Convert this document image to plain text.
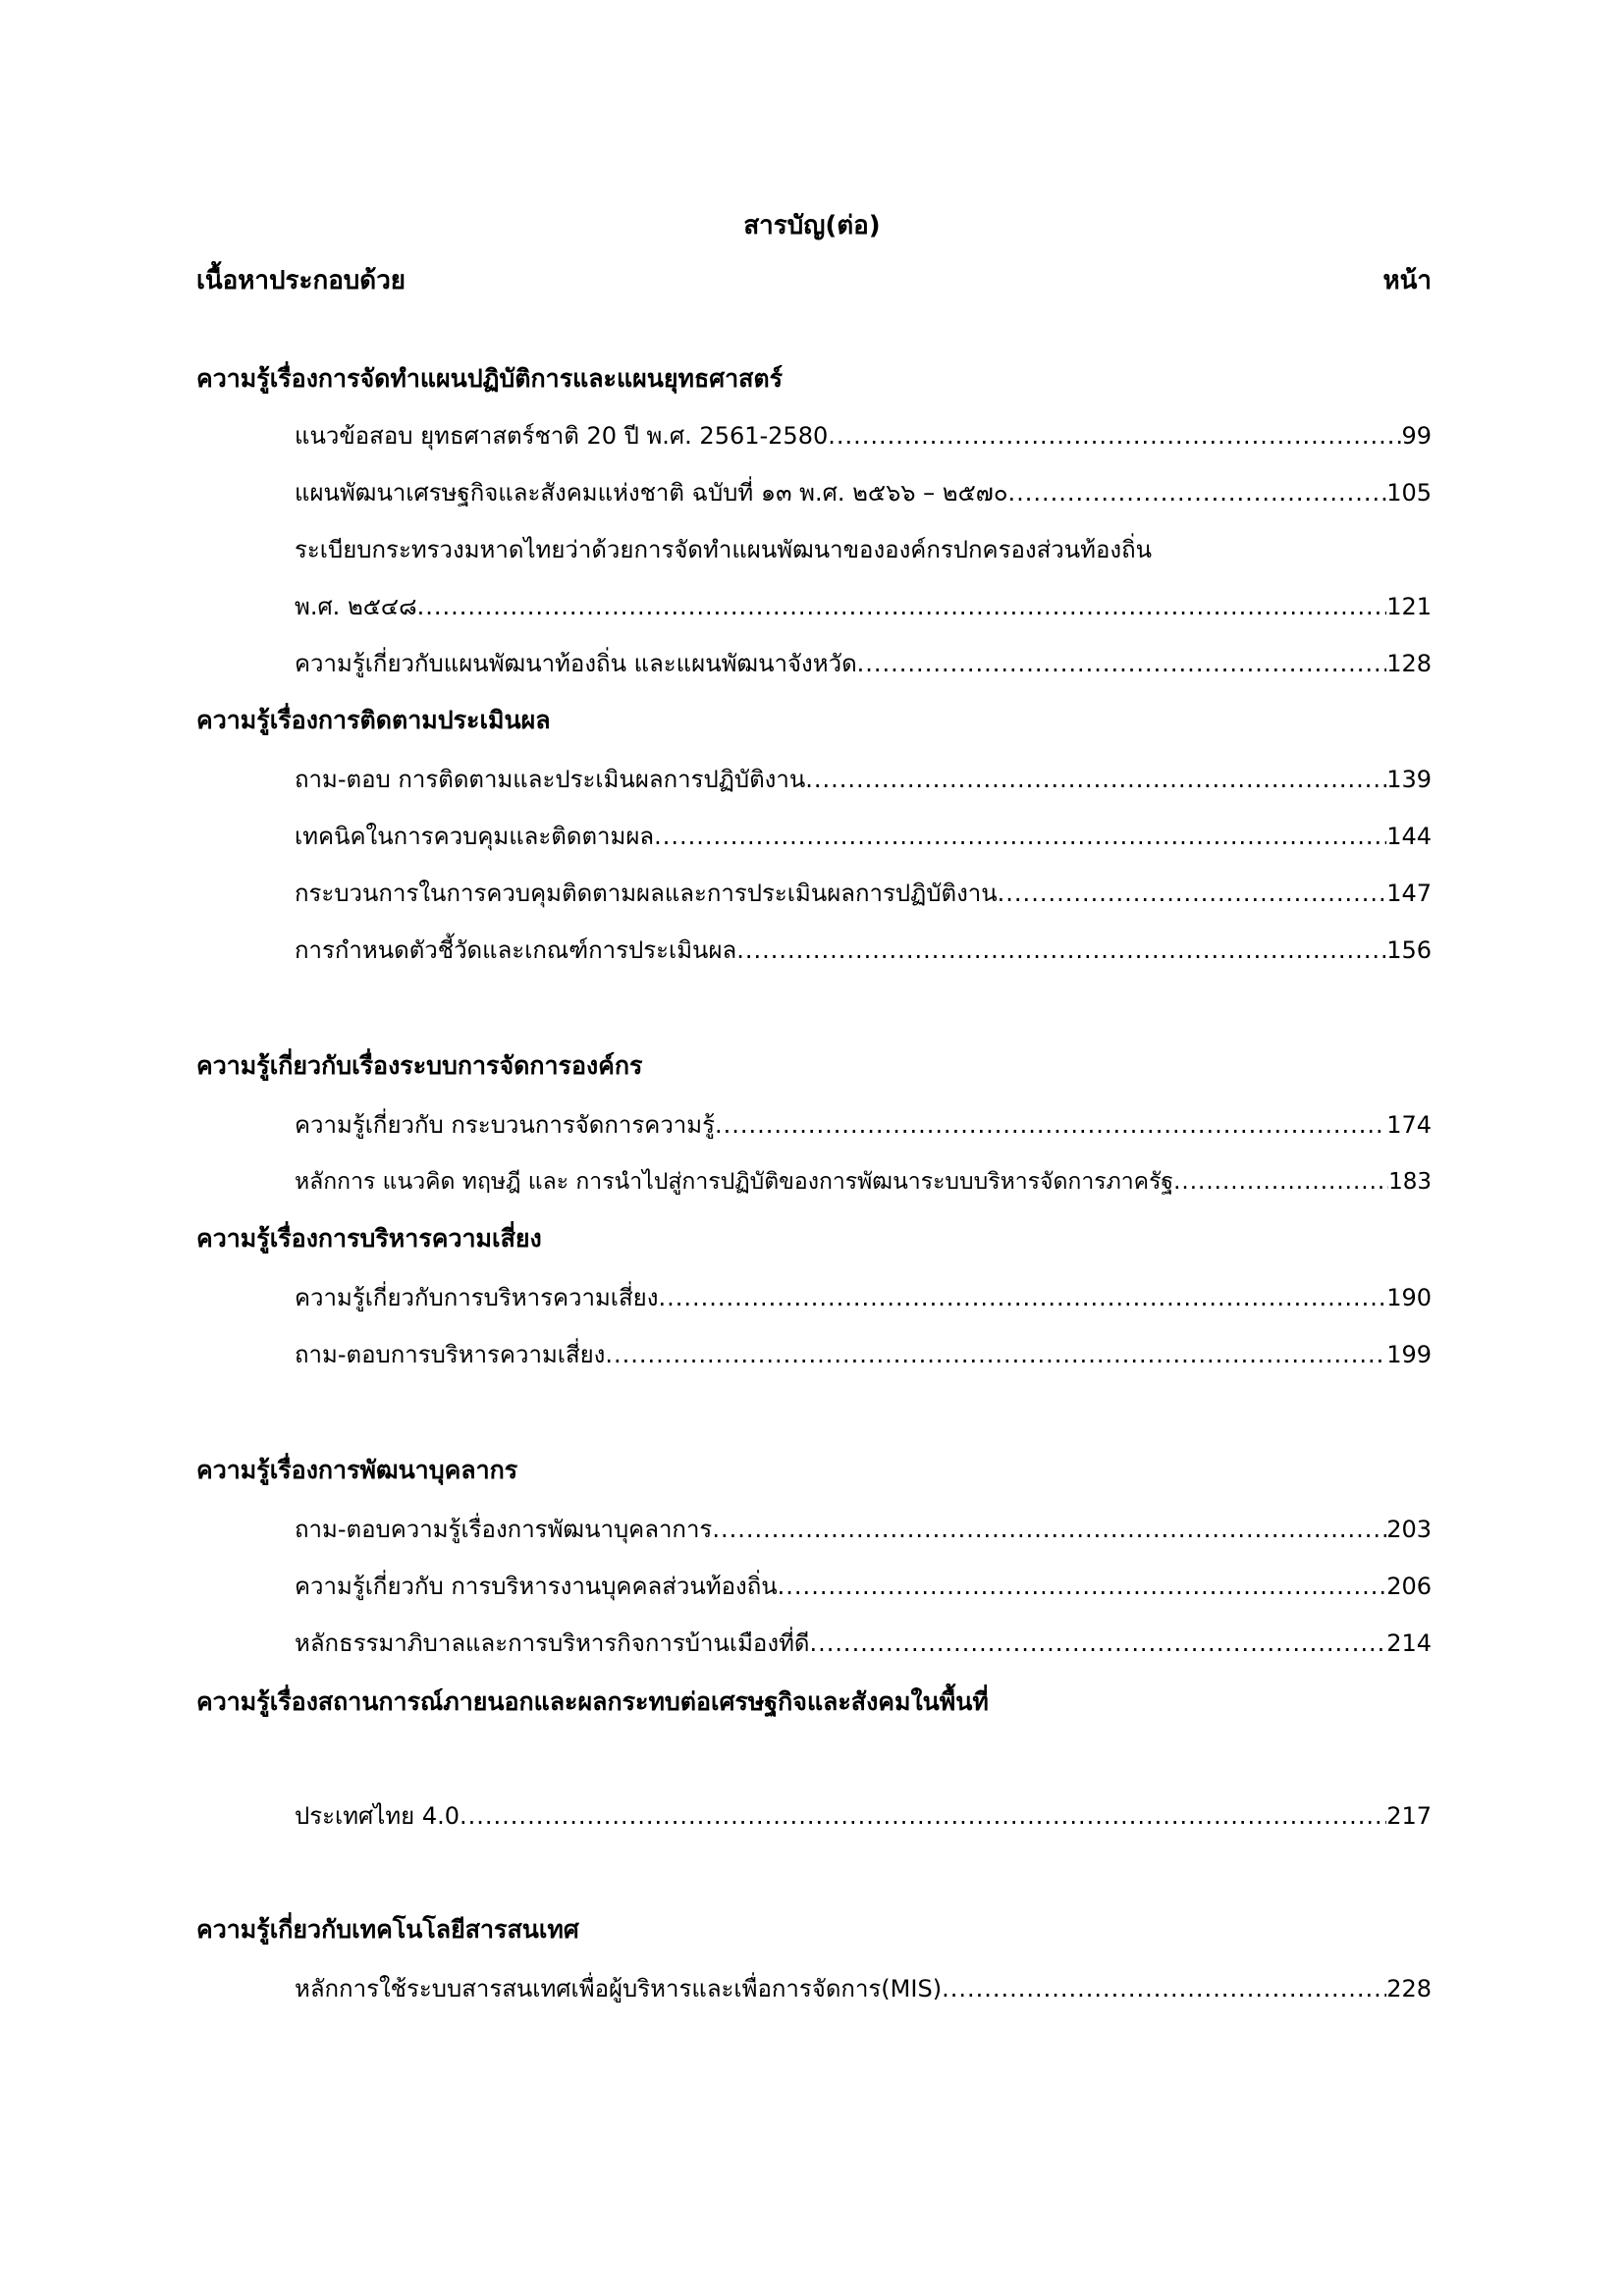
สารบัญ(ต่อ)
เนื้อหาประกอบด้วย	หน้า
ความรู้เรื่องการจัดทำแผนปฏิบัติการและแผนยุทธศาสตร์
แนวข้อสอบ ยุทธศาสตร์ชาติ 20 ปี พ.ศ. 2561-2580 .....	99
แผนพัฒนาเศรษฐกิจและสังคมแห่งชาติ ฉบับที่ ๑๓ พ.ศ. ๒๕๖๖ – ๒๕๗๐ .....	105
ระเบียบกระทรวงมหาดไทยว่าด้วยการจัดทำแผนพัฒนาขององค์กรปกครองส่วนท้องถิ่น
พ.ศ. ๒๕๔๘ .....	121
ความรู้เกี่ยวกับแผนพัฒนาท้องถิ่น และแผนพัฒนาจังหวัด .....	128
ความรู้เรื่องการติดตามประเมินผล
ถาม-ตอบ การติดตามและประเมินผลการปฏิบัติงาน .....	139
เทคนิคในการควบคุมและติดตามผล .....	144
กระบวนการในการควบคุมติดตามผลและการประเมินผลการปฏิบัติงาน .....	147
การกำหนดตัวชี้วัดและเกณฑ์การประเมินผล .....	156
ความรู้เกี่ยวกับเรื่องระบบการจัดการองค์กร
ความรู้เกี่ยวกับ กระบวนการจัดการความรู้ .....	174
หลักการ แนวคิด ทฤษฎี และ การนำไปสู่การปฏิบัติของการพัฒนาระบบบริหารจัดการภาครัฐ .....	183
ความรู้เรื่องการบริหารความเสี่ยง
ความรู้เกี่ยวกับการบริหารความเสี่ยง .....	190
ถาม-ตอบการบริหารความเสี่ยง .....	199
ความรู้เรื่องการพัฒนาบุคลากร
ถาม-ตอบความรู้เรื่องการพัฒนาบุคลาการ .....	203
ความรู้เกี่ยวกับ การบริหารงานบุคคลส่วนท้องถิ่น .....	206
หลักธรรมาภิบาลและการบริหารกิจการบ้านเมืองที่ดี .....	214
ความรู้เรื่องสถานการณ์ภายนอกและผลกระทบต่อเศรษฐกิจและสังคมในพื้นที่
ประเทศไทย 4.0 .....	217
ความรู้เกี่ยวกับเทคโนโลยีสารสนเทศ
หลักการใช้ระบบสารสนเทศเพื่อผู้บริหารและเพื่อการจัดการ(MIS) .....	228
